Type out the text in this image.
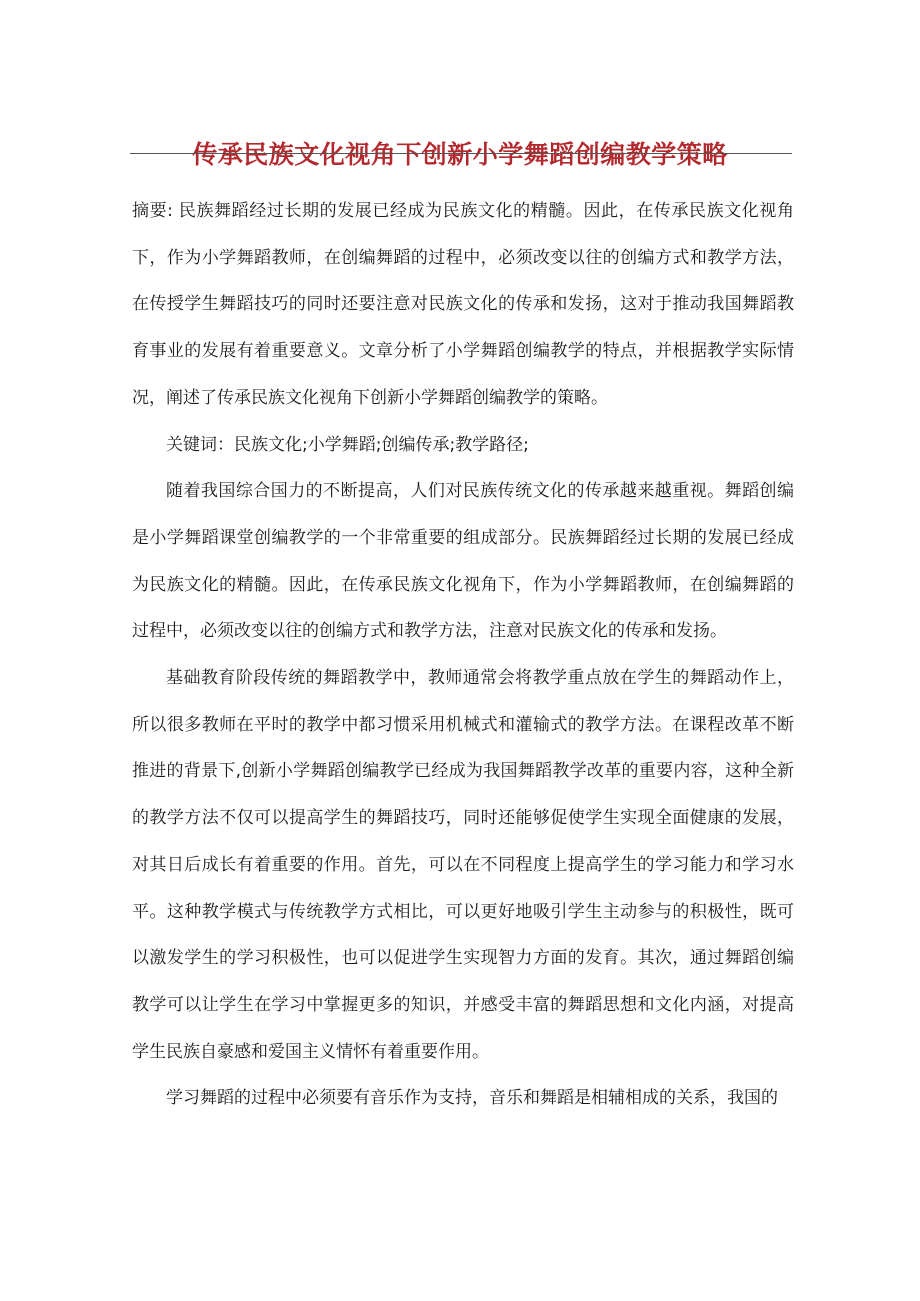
传承民族文化视角下创新小学舞蹈创编教学策略

摘要: 民族舞蹈经过长期的发展已经成为民族文化的精髓。因此，在传承民族文化视角下，作为小学舞蹈教师，在创编舞蹈的过程中，必须改变以往的创编方式和教学方法，在传授学生舞蹈技巧的同时还要注意对民族文化的传承和发扬，这对于推动我国舞蹈教育事业的发展有着重要意义。文章分析了小学舞蹈创编教学的特点，并根据教学实际情况，阐述了传承民族文化视角下创新小学舞蹈创编教学的策略。

关键词：民族文化;小学舞蹈;创编传承;教学路径;

随着我国综合国力的不断提高，人们对民族传统文化的传承越来越重视。舞蹈创编是小学舞蹈课堂创编教学的一个非常重要的组成部分。民族舞蹈经过长期的发展已经成为民族文化的精髓。因此，在传承民族文化视角下，作为小学舞蹈教师，在创编舞蹈的过程中，必须改变以往的创编方式和教学方法，注意对民族文化的传承和发扬。

基础教育阶段传统的舞蹈教学中，教师通常会将教学重点放在学生的舞蹈动作上，所以很多教师在平时的教学中都习惯采用机械式和灌输式的教学方法。在课程改革不断推进的背景下,创新小学舞蹈创编教学已经成为我国舞蹈教学改革的重要内容，这种全新的教学方法不仅可以提高学生的舞蹈技巧，同时还能够促使学生实现全面健康的发展，对其日后成长有着重要的作用。首先，可以在不同程度上提高学生的学习能力和学习水平。这种教学模式与传统教学方式相比，可以更好地吸引学生主动参与的积极性，既可以激发学生的学习积极性，也可以促进学生实现智力方面的发育。其次，通过舞蹈创编教学可以让学生在学习中掌握更多的知识，并感受丰富的舞蹈思想和文化内涵，对提高学生民族自豪感和爱国主义情怀有着重要作用。

学习舞蹈的过程中必须要有音乐作为支持，音乐和舞蹈是相辅相成的关系，我国的
